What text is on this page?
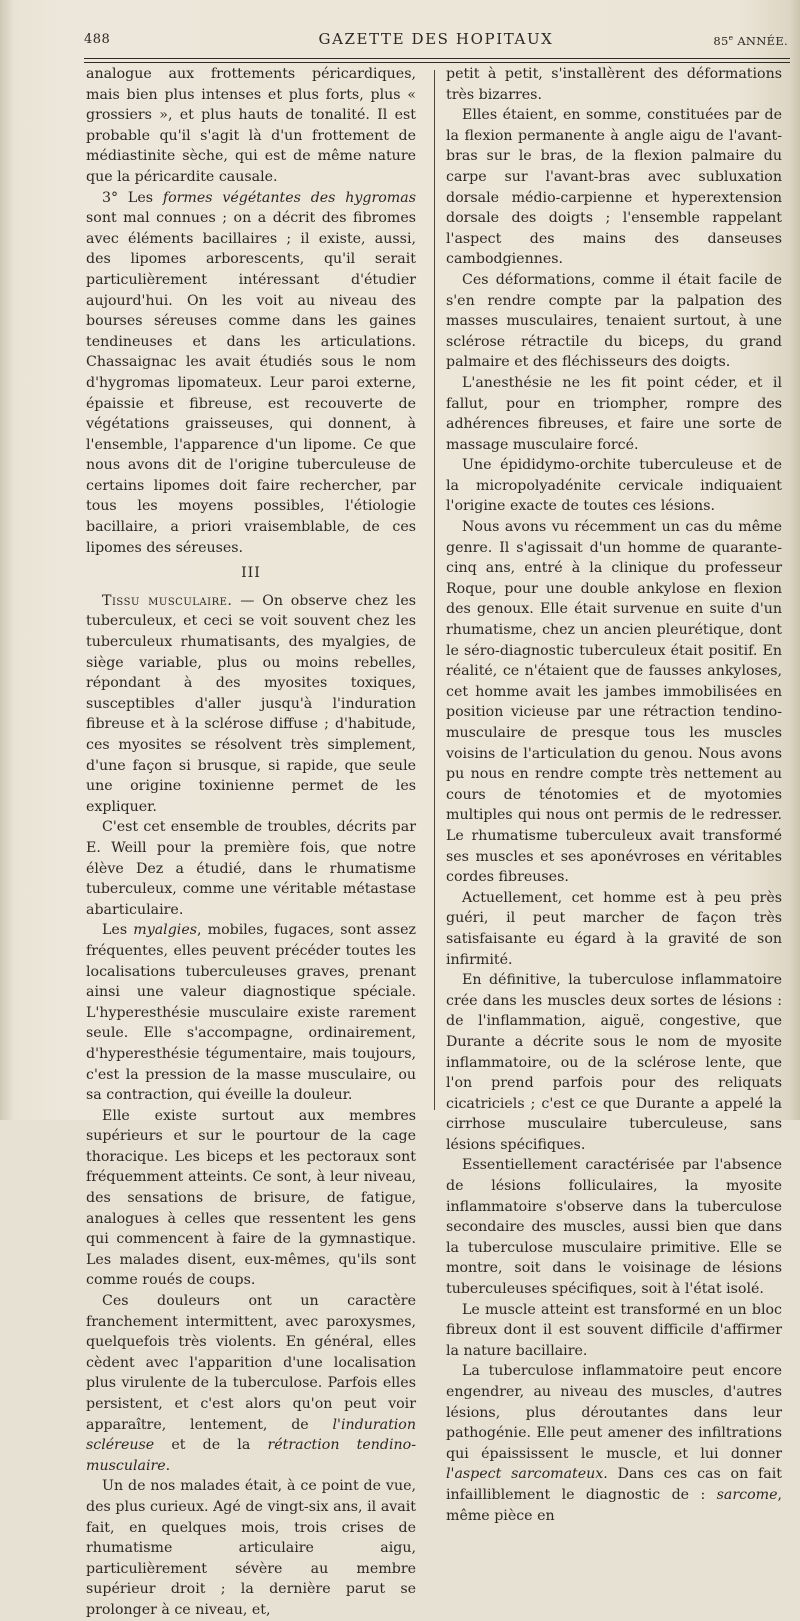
488	GAZETTE DES HOPITAUX	85e ANNÉE.

analogue aux frottements péricardiques, mais bien plus intenses et plus forts, plus « grossiers », et plus hauts de tonalité. Il est probable qu'il s'agit là d'un frottement de médiastinite sèche, qui est de même nature que la péricardite causale.

3° Les formes végétantes des hygromas sont mal connues ; on a décrit des fibromes avec éléments bacillaires ; il existe, aussi, des lipomes arborescents, qu'il serait particulièrement intéressant d'étudier aujourd'hui. On les voit au niveau des bourses séreuses comme dans les gaines tendineuses et dans les articulations. Chassaignac les avait étudiés sous le nom d'hygromas lipomateux. Leur paroi externe, épaissie et fibreuse, est recouverte de végétations graisseuses, qui donnent, à l'ensemble, l'apparence d'un lipome. Ce que nous avons dit de l'origine tuberculeuse de certains lipomes doit faire rechercher, par tous les moyens possibles, l'étiologie bacillaire, a priori vraisemblable, de ces lipomes des séreuses.

III

Tissu musculaire. — On observe chez les tuberculeux, et ceci se voit souvent chez les tuberculeux rhumatisants, des myalgies, de siège variable, plus ou moins rebelles, répondant à des myosites toxiques, susceptibles d'aller jusqu'à l'induration fibreuse et à la sclérose diffuse ; d'habitude, ces myosites se résolvent très simplement, d'une façon si brusque, si rapide, que seule une origine toxinienne permet de les expliquer.

C'est cet ensemble de troubles, décrits par E. Weill pour la première fois, que notre élève Dez a étudié, dans le rhumatisme tuberculeux, comme une véritable métastase abarticulaire.

Les myalgies, mobiles, fugaces, sont assez fréquentes, elles peuvent précéder toutes les localisations tuberculeuses graves, prenant ainsi une valeur diagnostique spéciale. L'hyperesthésie musculaire existe rarement seule. Elle s'accompagne, ordinairement, d'hyperesthésie tégumentaire, mais toujours, c'est la pression de la masse musculaire, ou sa contraction, qui éveille la douleur.

Elle existe surtout aux membres supérieurs et sur le pourtour de la cage thoracique. Les biceps et les pectoraux sont fréquemment atteints. Ce sont, à leur niveau, des sensations de brisure, de fatigue, analogues à celles que ressentent les gens qui commencent à faire de la gymnastique. Les malades disent, eux-mêmes, qu'ils sont comme roués de coups.

Ces douleurs ont un caractère franchement intermittent, avec paroxysmes, quelquefois très violents. En général, elles cèdent avec l'apparition d'une localisation plus virulente de la tuberculose. Parfois elles persistent, et c'est alors qu'on peut voir apparaître, lentement, de l'induration scléreuse et de la rétraction tendino-musculaire.

Un de nos malades était, à ce point de vue, des plus curieux. Agé de vingt-six ans, il avait fait, en quelques mois, trois crises de rhumatisme articulaire aigu, particulièrement sévère au membre supérieur droit ; la dernière parut se prolonger à ce niveau, et,

petit à petit, s'installèrent des déformations très bizarres.

Elles étaient, en somme, constituées par de la flexion permanente à angle aigu de l'avant-bras sur le bras, de la flexion palmaire du carpe sur l'avant-bras avec subluxation dorsale médio-carpienne et hyperextension dorsale des doigts ; l'ensemble rappelant l'aspect des mains des danseuses cambodgiennes.

Ces déformations, comme il était facile de s'en rendre compte par la palpation des masses musculaires, tenaient surtout, à une sclérose rétractile du biceps, du grand palmaire et des fléchisseurs des doigts.

L'anesthésie ne les fit point céder, et il fallut, pour en triompher, rompre des adhérences fibreuses, et faire une sorte de massage musculaire forcé.

Une épididymo-orchite tuberculeuse et de la micropolyadénite cervicale indiquaient l'origine exacte de toutes ces lésions.

Nous avons vu récemment un cas du même genre. Il s'agissait d'un homme de quarante-cinq ans, entré à la clinique du professeur Roque, pour une double ankylose en flexion des genoux. Elle était survenue en suite d'un rhumatisme, chez un ancien pleurétique, dont le séro-diagnostic tuberculeux était positif. En réalité, ce n'étaient que de fausses ankyloses, cet homme avait les jambes immobilisées en position vicieuse par une rétraction tendino-musculaire de presque tous les muscles voisins de l'articulation du genou. Nous avons pu nous en rendre compte très nettement au cours de ténotomies et de myotomies multiples qui nous ont permis de le redresser. Le rhumatisme tuberculeux avait transformé ses muscles et ses aponévroses en véritables cordes fibreuses.

Actuellement, cet homme est à peu près guéri, il peut marcher de façon très satisfaisante eu égard à la gravité de son infirmité.

En définitive, la tuberculose inflammatoire crée dans les muscles deux sortes de lésions : de l'inflammation, aiguë, congestive, que Durante a décrite sous le nom de myosite inflammatoire, ou de la sclérose lente, que l'on prend parfois pour des reliquats cicatriciels ; c'est ce que Durante a appelé la cirrhose musculaire tuberculeuse, sans lésions spécifiques.

Essentiellement caractérisée par l'absence de lésions folliculaires, la myosite inflammatoire s'observe dans la tuberculose secondaire des muscles, aussi bien que dans la tuberculose musculaire primitive. Elle se montre, soit dans le voisinage de lésions tuberculeuses spécifiques, soit à l'état isolé.

Le muscle atteint est transformé en un bloc fibreux dont il est souvent difficile d'affirmer la nature bacillaire.

La tuberculose inflammatoire peut encore engendrer, au niveau des muscles, d'autres lésions, plus déroutantes dans leur pathogénie. Elle peut amener des infiltrations qui épaississent le muscle, et lui donner l'aspect sarcomateux. Dans ces cas on fait infailliblement le diagnostic de : sarcome, même pièce en
